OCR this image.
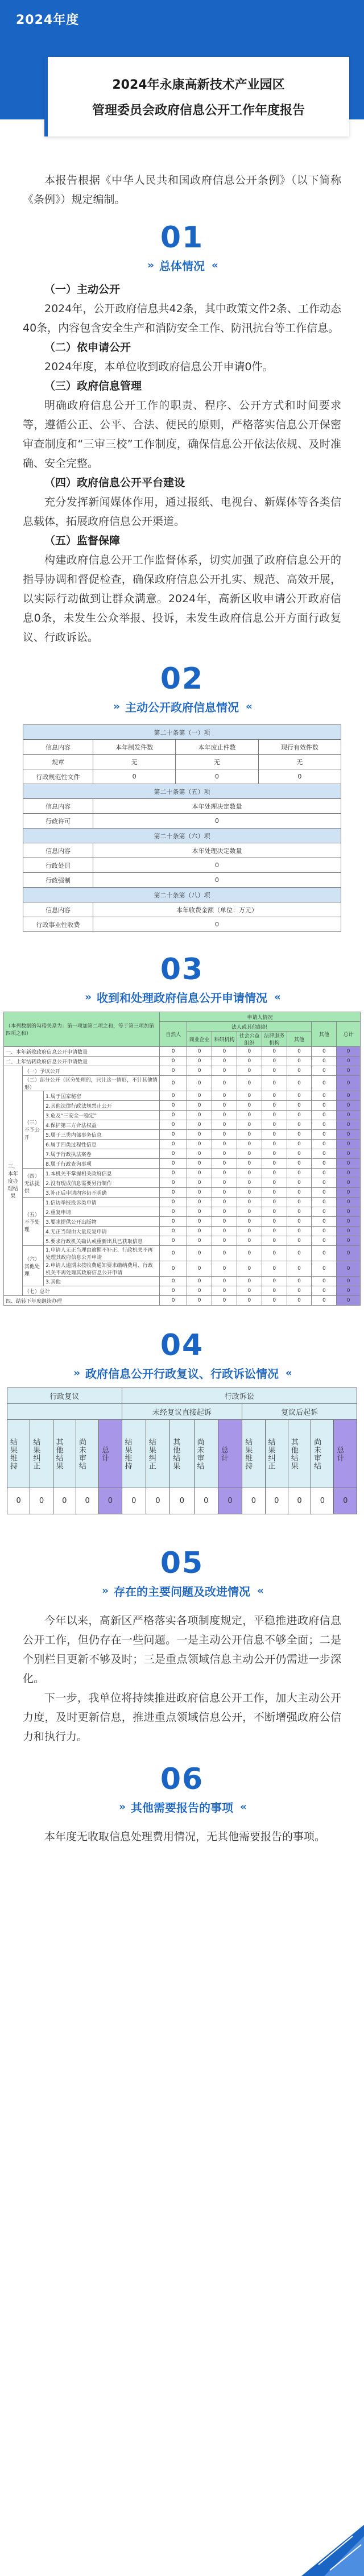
2024年度
2024年永康高新技术产业园区
管理委员会政府信息公开工作年度报告

本报告根据《中华人民共和国政府信息公开条例》（以下简称《条例》）规定编制。

01
›› 总体情况 ‹‹
（一）主动公开

2024年，公开政府信息共42条，其中政策文件2条、工作动态40条，内容包含安全生产和消防安全工作、防汛抗台等工作信息。

（二）依申请公开

2024年度，本单位收到政府信息公开申请0件。

（三）政府信息管理

明确政府信息公开工作的职责、程序、公开方式和时间要求等，遵循公正、公平、合法、便民的原则，严格落实信息公开保密审查制度和“三审三校”工作制度，确保信息公开依法依规、及时准确、安全完整。

（四）政府信息公开平台建设

充分发挥新闻媒体作用，通过报纸、电视台、新媒体等各类信息载体，拓展政府信息公开渠道。

（五）监督保障

构建政府信息公开工作监督体系，切实加强了政府信息公开的指导协调和督促检查，确保政府信息公开扎实、规范、高效开展，以实际行动做到让群众满意。2024年，高新区收申请公开政府信息0条，未发生公众举报、投诉，未发生政府信息公开方面行政复议、行政诉讼。

02
›› 主动公开政府信息情况 ‹‹
第二十条第（一）项			
信息内容	本年制发件数	本年废止件数	现行有效件数
规章	无	无	无
行政规范性文件	0	0	0
第二十条第（五）项			
信息内容	本年处理决定数量		
行政许可	0		
第二十条第（六）项			
信息内容	本年处理决定数量		
行政处罚	0		
行政强制	0		
第二十条第（八）项			
信息内容	本年收费金额（单位：万元）		
行政事业性收费	0		
03
›› 收到和处理政府信息公开申请情况 ‹‹
（本列数据的勾稽关系为：第一项加第二项之和，等于第三项加第四项之和）			申请人情况							
			自然人	法人或其他组织					其他	总计
				商业企业	科研机构	社会公益组织	法律服务机构	其他		
一、本年新收政府信息公开申请数量			0	0	0	0	0	0	0	0
二、上年结转政府信息公开申请数量			0	0	0	0	0	0	0	0
三、本年度办理结果	（一）予以公开		0	0	0	0	0	0	0	0
	（二）部分公开（区分处理的，只计这一情形，不计其他情形）		0	0	0	0	0	0	0	0
	（三）不予公开	1.属于国家秘密	0	0	0	0	0	0	0	0
		2.其他法律行政法规禁止公开	0	0	0	0	0	0	0	0
		3.危及“三安全一稳定”	0	0	0	0	0	0	0	0
		4.保护第三方合法权益	0	0	0	0	0	0	0	0
		5.属于三类内部事务信息	0	0	0	0	0	0	0	0
		6.属于四类过程性信息	0	0	0	0	0	0	0	0
		7.属于行政执法案卷	0	0	0	0	0	0	0	0
		8.属于行政查询事项	0	0	0	0	0	0	0	0
	（四）无法提供	1.本机关不掌握相关政府信息	0	0	0	0	0	0	0	0
		2.没有现成信息需要另行制作	0	0	0	0	0	0	0	0
		3.补正后申请内容仍不明确	0	0	0	0	0	0	0	0
	（五）不予处理	1.信访举报投诉类申请	0	0	0	0	0	0	0	0
		2.重复申请	0	0	0	0	0	0	0	0
		3.要求提供公开出版物	0	0	0	0	0	0	0	0
		4.无正当理由大量反复申请	0	0	0	0	0	0	0	0
		5.要求行政机关确认或重新出具已获取信息	0	0	0	0	0	0	0	0
	（六）其他处理	1.申请人无正当理由逾期不补正、行政机关不再处理其政府信息公开申请	0	0	0	0	0	0	0	0
		2.申请人逾期未按收费通知要求缴纳费用、行政机关不再处理其政府信息公开申请	0	0	0	0	0	0	0	0
		3.其他	0	0	0	0	0	0	0	0
	（七）总计		0	0	0	0	0	0	0	0
四、结转下年度继续办理			0	0	0	0	0	0	0	0
04
›› 政府信息公开行政复议、行政诉讼情况 ‹‹
行政复议					行政诉讼									
					未经复议直接起诉					复议后起诉				

结果维持	结果纠正	其他结果	尚未审结	总计	结果维持	结果纠正	其他结果	尚未审结	总计	结果维持	结果纠正	其他结果	尚未审结	总计

0	0	0	0	0	0	0	0	0	0	0	0	0	0	0
05
›› 存在的主要问题及改进情况 ‹‹

今年以来，高新区严格落实各项制度规定，平稳推进政府信息公开工作，但仍存在一些问题。一是主动公开信息不够全面；二是个别栏目更新不够及时；三是重点领域信息主动公开仍需进一步深化。

下一步，我单位将持续推进政府信息公开工作，加大主动公开力度，及时更新信息，推进重点领域信息公开，不断增强政府公信力和执行力。

06
›› 其他需要报告的事项 ‹‹

本年度无收取信息处理费用情况，无其他需要报告的事项。
